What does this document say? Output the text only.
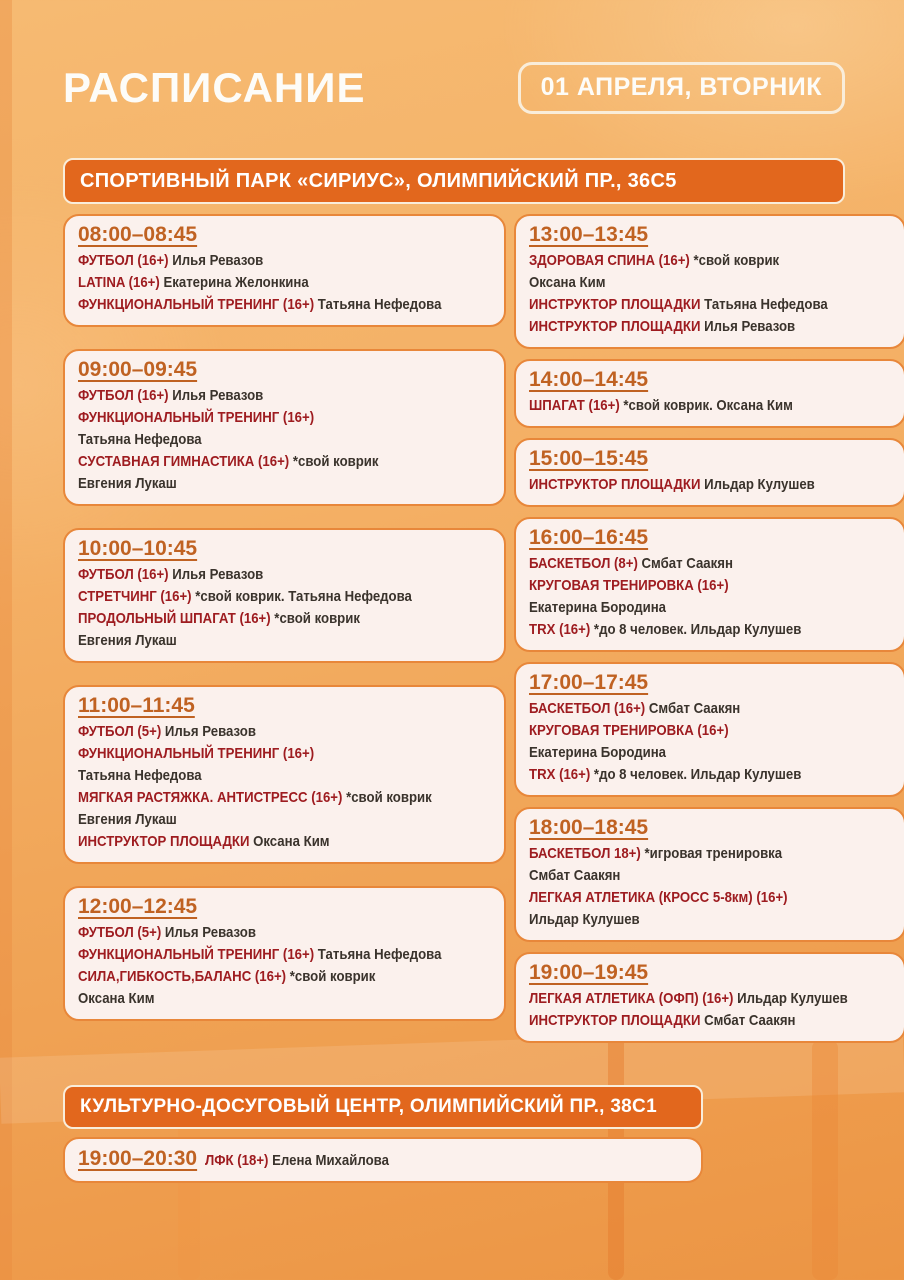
РАСПИСАНИЕ	01 АПРЕЛЯ, ВТОРНИК
СПОРТИВНЫЙ ПАРК «СИРИУС», ОЛИМПИЙСКИЙ ПР., 36С5
08:00–08:45
ФУТБОЛ (16+) Илья Ревазов
LATINA (16+) Екатерина Желонкина
ФУНКЦИОНАЛЬНЫЙ ТРЕНИНГ (16+) Татьяна Нефедова
09:00–09:45
ФУТБОЛ (16+) Илья Ревазов
ФУНКЦИОНАЛЬНЫЙ ТРЕНИНГ (16+)
Татьяна Нефедова
СУСТАВНАЯ ГИМНАСТИКА (16+) *свой коврик
Евгения Лукаш
10:00–10:45
ФУТБОЛ (16+) Илья Ревазов
СТРЕТЧИНГ (16+) *свой коврик. Татьяна Нефедова
ПРОДОЛЬНЫЙ ШПАГАТ (16+) *свой коврик
Евгения Лукаш
11:00–11:45
ФУТБОЛ (5+) Илья Ревазов
ФУНКЦИОНАЛЬНЫЙ ТРЕНИНГ (16+)
Татьяна Нефедова
МЯГКАЯ РАСТЯЖКА. АНТИСТРЕСС (16+) *свой коврик
Евгения Лукаш
ИНСТРУКТОР ПЛОЩАДКИ Оксана Ким
12:00–12:45
ФУТБОЛ (5+) Илья Ревазов
ФУНКЦИОНАЛЬНЫЙ ТРЕНИНГ (16+) Татьяна Нефедова
СИЛА,ГИБКОСТЬ,БАЛАНС (16+) *свой коврик
Оксана Ким
13:00–13:45
ЗДОРОВАЯ СПИНА (16+) *свой коврик
Оксана Ким
ИНСТРУКТОР ПЛОЩАДКИ Татьяна Нефедова
ИНСТРУКТОР ПЛОЩАДКИ Илья Ревазов
14:00–14:45
ШПАГАТ (16+) *свой коврик. Оксана Ким
15:00–15:45
ИНСТРУКТОР ПЛОЩАДКИ Ильдар Кулушев
16:00–16:45
БАСКЕТБОЛ (8+) Смбат Саакян
КРУГОВАЯ ТРЕНИРОВКА (16+)
Екатерина Бородина
TRX (16+) *до 8 человек. Ильдар Кулушев
17:00–17:45
БАСКЕТБОЛ (16+) Смбат Саакян
КРУГОВАЯ ТРЕНИРОВКА (16+)
Екатерина Бородина
TRX (16+) *до 8 человек. Ильдар Кулушев
18:00–18:45
БАСКЕТБОЛ 18+) *игровая тренировка
Смбат Саакян
ЛЕГКАЯ АТЛЕТИКА (КРОСС 5-8км) (16+)
Ильдар Кулушев
19:00–19:45
ЛЕГКАЯ АТЛЕТИКА (ОФП) (16+) Ильдар Кулушев
ИНСТРУКТОР ПЛОЩАДКИ Смбат Саакян
КУЛЬТУРНО-ДОСУГОВЫЙ ЦЕНТР, ОЛИМПИЙСКИЙ ПР., 38С1
19:00–20:30 ЛФК (18+) Елена Михайлова
